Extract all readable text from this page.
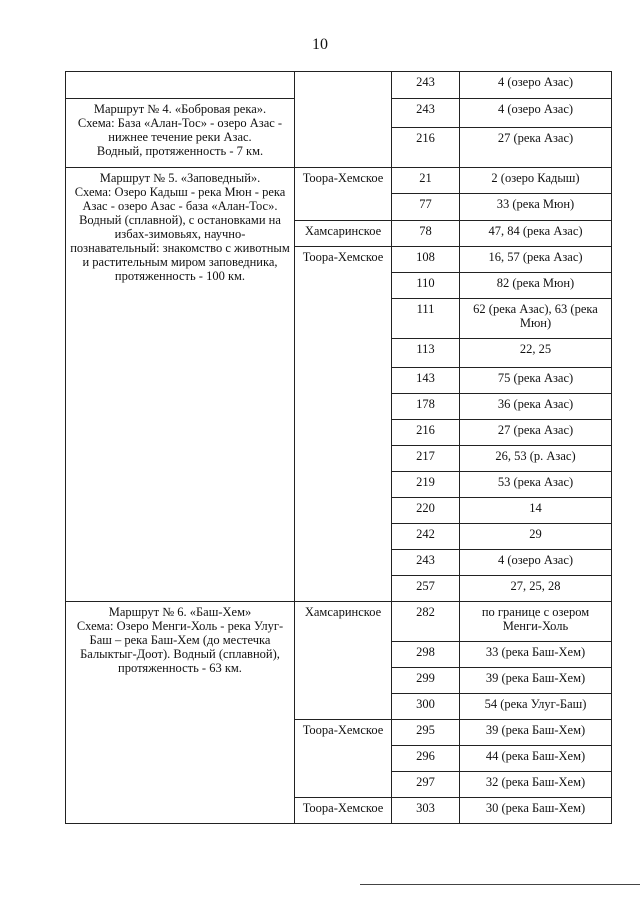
10
		243	4 (озеро Азас)

Маршрут № 4. «Бобровая река».
Схема: База «Алан-Тос» - озеро Азас - нижнее течение реки Азас.
Водный, протяженность - 7 км.		243	4 (озеро Азас)
		216	27 (река Азас)

Маршрут № 5. «Заповедный».
Схема: Озеро Кадыш - река Мюн - река Азас - озеро Азас - база «Алан-Тос».
Водный (сплавной), с остановками на избах-зимовьях, научно-познавательный: знакомство с животным и растительным миром заповедника, протяженность - 100 км.	Тоора-Хемское	21	2 (озеро Кадыш)
		77	33 (река Мюн)
	Хамсаринское	78	47, 84 (река Азас)
	Тоора-Хемское	108	16, 57 (река Азас)
		110	82 (река Мюн)
		111	62 (река Азас), 63 (река Мюн)
		113	22, 25
		143	75 (река Азас)
		178	36 (река Азас)
		216	27 (река Азас)
		217	26, 53 (р. Азас)
		219	53 (река Азас)
		220	14
		242	29
		243	4 (озеро Азас)
		257	27, 25, 28

Маршрут № 6. «Баш-Хем»
Схема: Озеро Менги-Холь - река Улуг-Баш – река Баш-Хем (до местечка Балыктыг-Доот). Водный (сплавной), протяженность - 63 км.	Хамсаринское	282	по границе с озером Менги-Холь
		298	33 (река Баш-Хем)
		299	39 (река Баш-Хем)
		300	54 (река Улуг-Баш)
	Тоора-Хемское	295	39 (река Баш-Хем)
		296	44 (река Баш-Хем)
		297	32 (река Баш-Хем)
	Тоора-Хемское	303	30 (река Баш-Хем)
